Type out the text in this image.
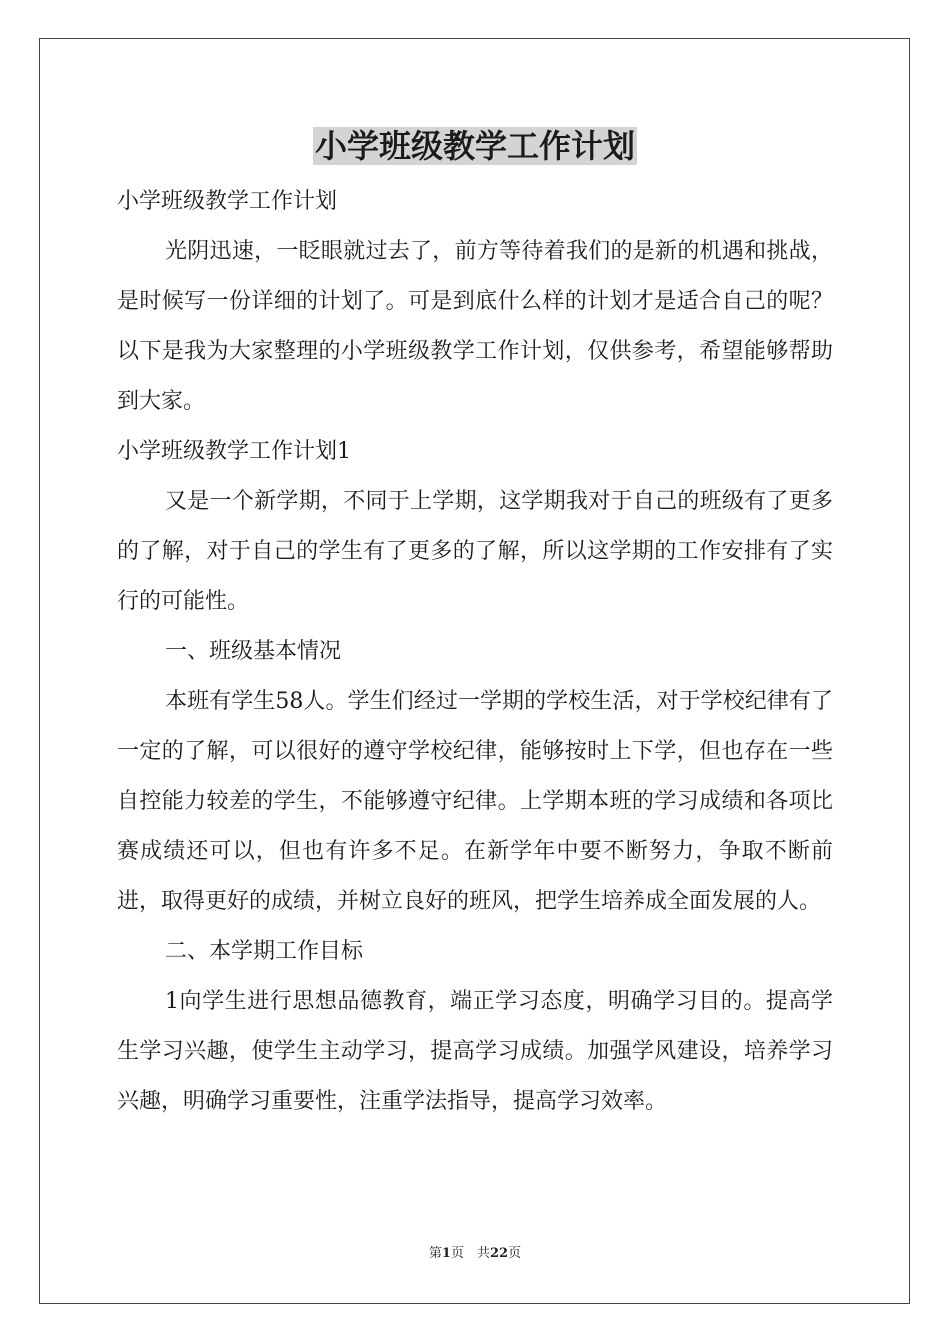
小学班级教学工作计划

小学班级教学工作计划

光阴迅速，一眨眼就过去了，前方等待着我们的是新的机遇和挑战，是时候写一份详细的计划了。可是到底什么样的计划才是适合自己的呢？以下是我为大家整理的小学班级教学工作计划，仅供参考，希望能够帮助到大家。

小学班级教学工作计划1

又是一个新学期，不同于上学期，这学期我对于自己的班级有了更多的了解，对于自己的学生有了更多的了解，所以这学期的工作安排有了实行的可能性。

一、班级基本情况

本班有学生58人。学生们经过一学期的学校生活，对于学校纪律有了一定的了解，可以很好的遵守学校纪律，能够按时上下学，但也存在一些自控能力较差的学生，不能够遵守纪律。上学期本班的学习成绩和各项比赛成绩还可以，但也有许多不足。在新学年中要不断努力，争取不断前进，取得更好的成绩，并树立良好的班风，把学生培养成全面发展的人。

二、本学期工作目标

1向学生进行思想品德教育，端正学习态度，明确学习目的。提高学生学习兴趣，使学生主动学习，提高学习成绩。加强学风建设，培养学习兴趣，明确学习重要性，注重学法指导，提高学习效率。

第1页　共22页
